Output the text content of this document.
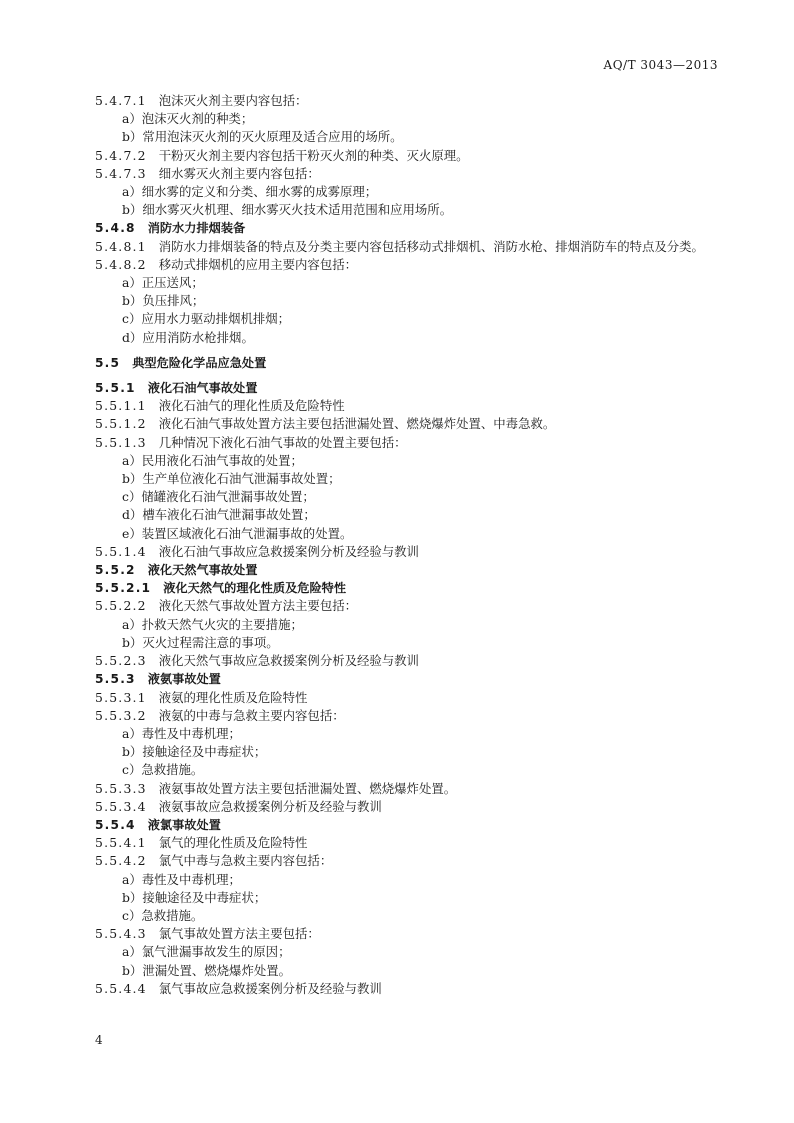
AQ/T 3043—2013
5.4.7.1 泡沫灭火剂主要内容包括：
a）泡沫灭火剂的种类；
b）常用泡沫灭火剂的灭火原理及适合应用的场所。
5.4.7.2 干粉灭火剂主要内容包括干粉灭火剂的种类、灭火原理。
5.4.7.3 细水雾灭火剂主要内容包括：
a）细水雾的定义和分类、细水雾的成雾原理；
b）细水雾灭火机理、细水雾灭火技术适用范围和应用场所。
5.4.8 消防水力排烟装备
5.4.8.1 消防水力排烟装备的特点及分类主要内容包括移动式排烟机、消防水枪、排烟消防车的特点及分类。
5.4.8.2 移动式排烟机的应用主要内容包括：
a）正压送风；
b）负压排风；
c）应用水力驱动排烟机排烟；
d）应用消防水枪排烟。
5.5 典型危险化学品应急处置
5.5.1 液化石油气事故处置
5.5.1.1 液化石油气的理化性质及危险特性
5.5.1.2 液化石油气事故处置方法主要包括泄漏处置、燃烧爆炸处置、中毒急救。
5.5.1.3 几种情况下液化石油气事故的处置主要包括：
a）民用液化石油气事故的处置；
b）生产单位液化石油气泄漏事故处置；
c）储罐液化石油气泄漏事故处置；
d）槽车液化石油气泄漏事故处置；
e）装置区域液化石油气泄漏事故的处置。
5.5.1.4 液化石油气事故应急救援案例分析及经验与教训
5.5.2 液化天然气事故处置
5.5.2.1 液化天然气的理化性质及危险特性
5.5.2.2 液化天然气事故处置方法主要包括：
a）扑救天然气火灾的主要措施；
b）灭火过程需注意的事项。
5.5.2.3 液化天然气事故应急救援案例分析及经验与教训
5.5.3 液氨事故处置
5.5.3.1 液氨的理化性质及危险特性
5.5.3.2 液氨的中毒与急救主要内容包括：
a）毒性及中毒机理；
b）接触途径及中毒症状；
c）急救措施。
5.5.3.3 液氨事故处置方法主要包括泄漏处置、燃烧爆炸处置。
5.5.3.4 液氨事故应急救援案例分析及经验与教训
5.5.4 液氯事故处置
5.5.4.1 氯气的理化性质及危险特性
5.5.4.2 氯气中毒与急救主要内容包括：
a）毒性及中毒机理；
b）接触途径及中毒症状；
c）急救措施。
5.5.4.3 氯气事故处置方法主要包括：
a）氯气泄漏事故发生的原因；
b）泄漏处置、燃烧爆炸处置。
5.5.4.4 氯气事故应急救援案例分析及经验与教训
4
